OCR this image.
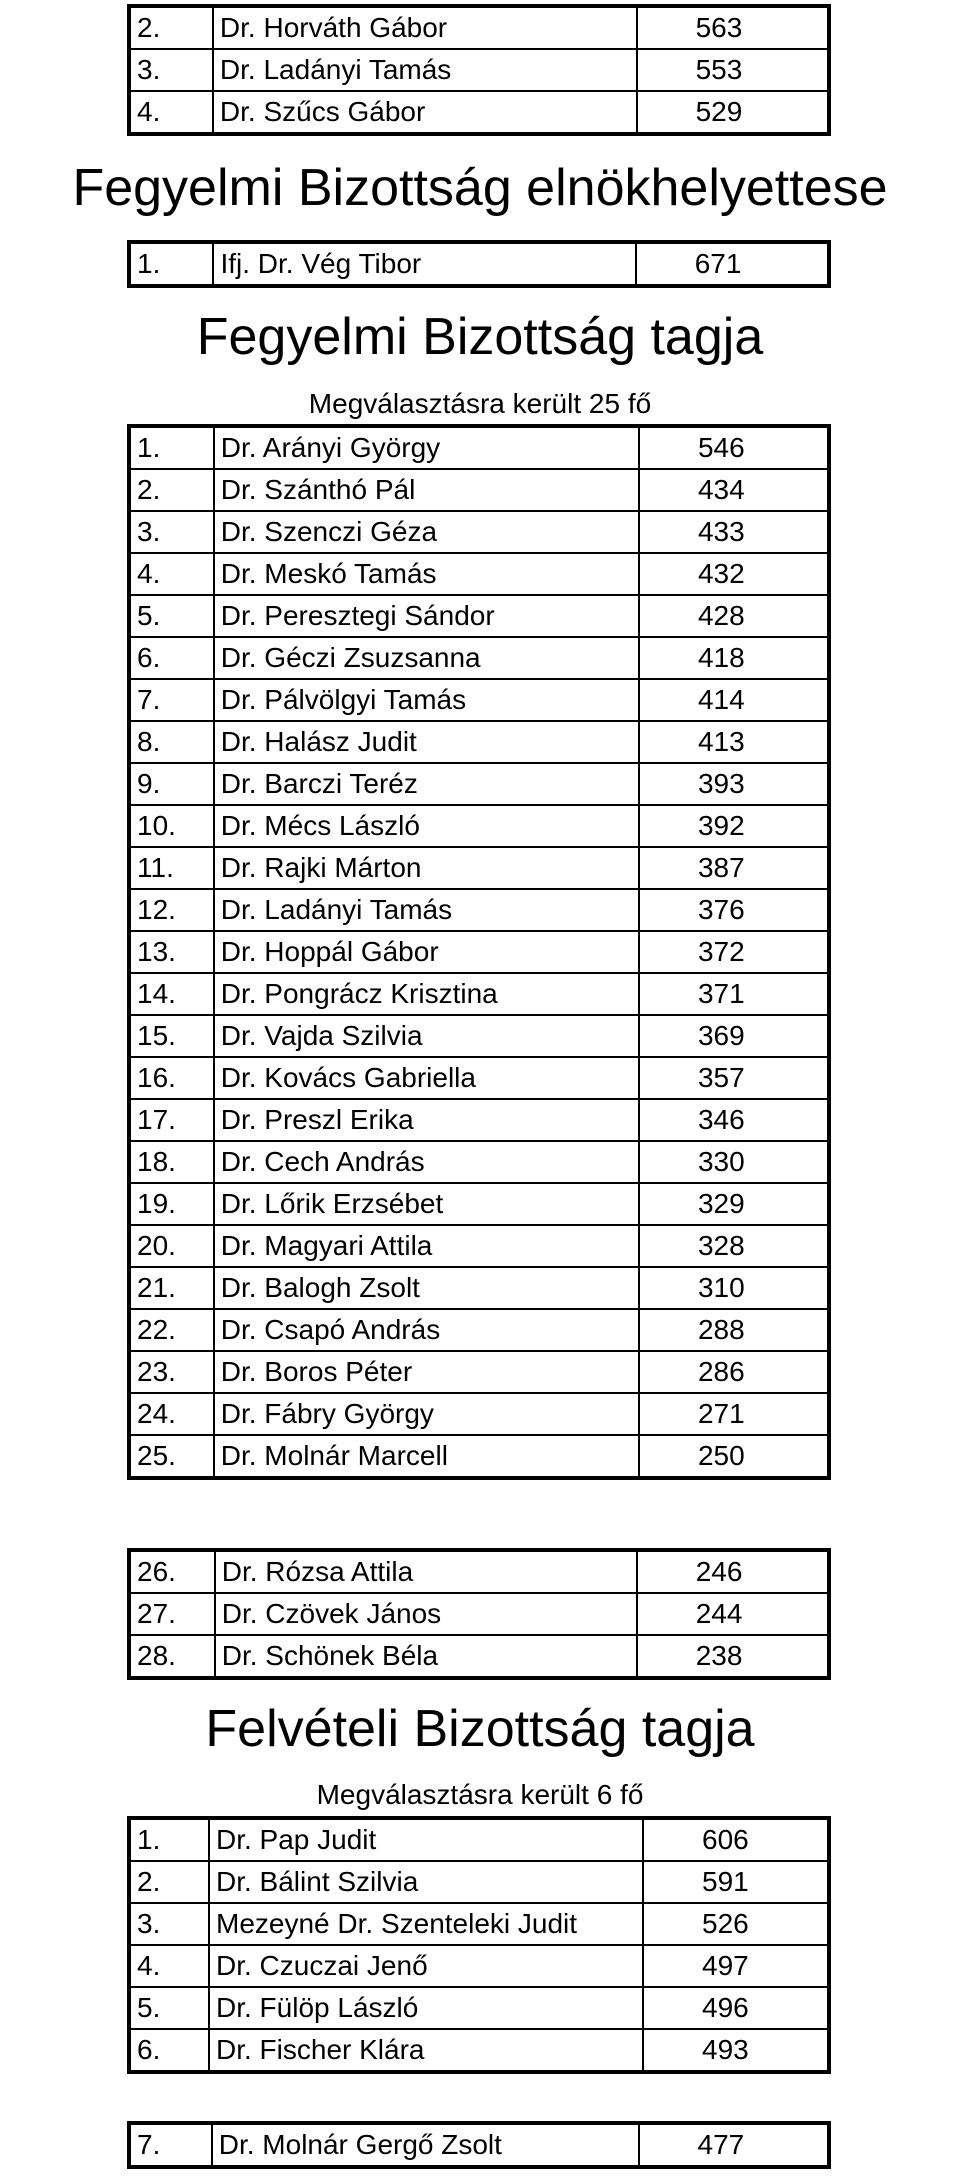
2.	Dr. Horváth Gábor	563
3.	Dr. Ladányi Tamás	553
4.	Dr. Szűcs Gábor	529
Fegyelmi Bizottság elnökhelyettese
1.	Ifj. Dr. Vég Tibor	671
Fegyelmi Bizottság tagja

Megválasztásra került 25 fő

1.	Dr. Arányi György	546
2.	Dr. Szánthó Pál	434
3.	Dr. Szenczi Géza	433
4.	Dr. Meskó Tamás	432
5.	Dr. Peresztegi Sándor	428
6.	Dr. Géczi Zsuzsanna	418
7.	Dr. Pálvölgyi Tamás	414
8.	Dr. Halász Judit	413
9.	Dr. Barczi Teréz	393
10.	Dr. Mécs László	392
11.	Dr. Rajki Márton	387
12.	Dr. Ladányi Tamás	376
13.	Dr. Hoppál Gábor	372
14.	Dr. Pongrácz Krisztina	371
15.	Dr. Vajda Szilvia	369
16.	Dr. Kovács Gabriella	357
17.	Dr. Preszl Erika	346
18.	Dr. Cech András	330
19.	Dr. Lőrik Erzsébet	329
20.	Dr. Magyari Attila	328
21.	Dr. Balogh Zsolt	310
22.	Dr. Csapó András	288
23.	Dr. Boros Péter	286
24.	Dr. Fábry György	271
25.	Dr. Molnár Marcell	250
26.	Dr. Rózsa Attila	246
27.	Dr. Czövek János	244
28.	Dr. Schönek Béla	238
Felvételi Bizottság tagja

Megválasztásra került 6 fő

1.	Dr. Pap Judit	606
2.	Dr. Bálint Szilvia	591
3.	Mezeyné Dr. Szenteleki Judit	526
4.	Dr. Czuczai Jenő	497
5.	Dr. Fülöp László	496
6.	Dr. Fischer Klára	493
7.	Dr. Molnár Gergő Zsolt	477
